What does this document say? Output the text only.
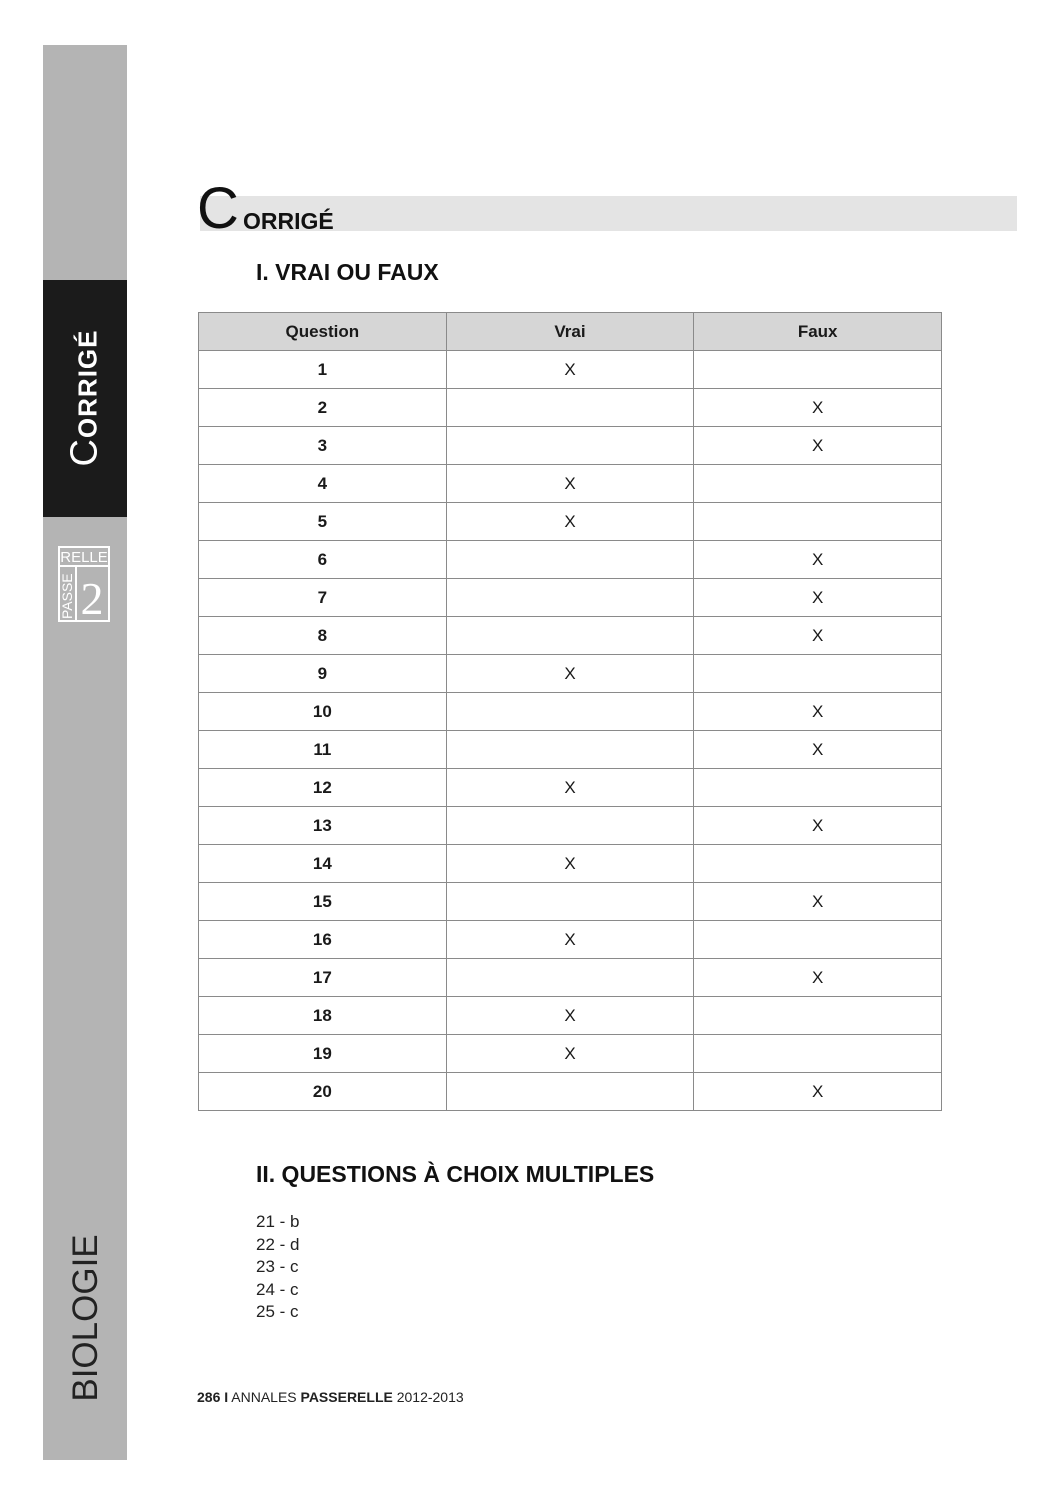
CORRIGÉ
RELLE
PASSE 2
BIOLOGIE
C ORRIGÉ
I. VRAI OU FAUX
Question	Vrai	Faux
1	X	
2		X
3		X
4	X	
5	X	
6		X
7		X
8		X
9	X	
10		X
11		X
12	X	
13		X
14	X	
15		X
16	X	
17		X
18	X	
19	X	
20		X
II. QUESTIONS À CHOIX MULTIPLES
21 - b
22 - d
23 - c
24 - c
25 - c
286 I ANNALES PASSERELLE 2012-2013
